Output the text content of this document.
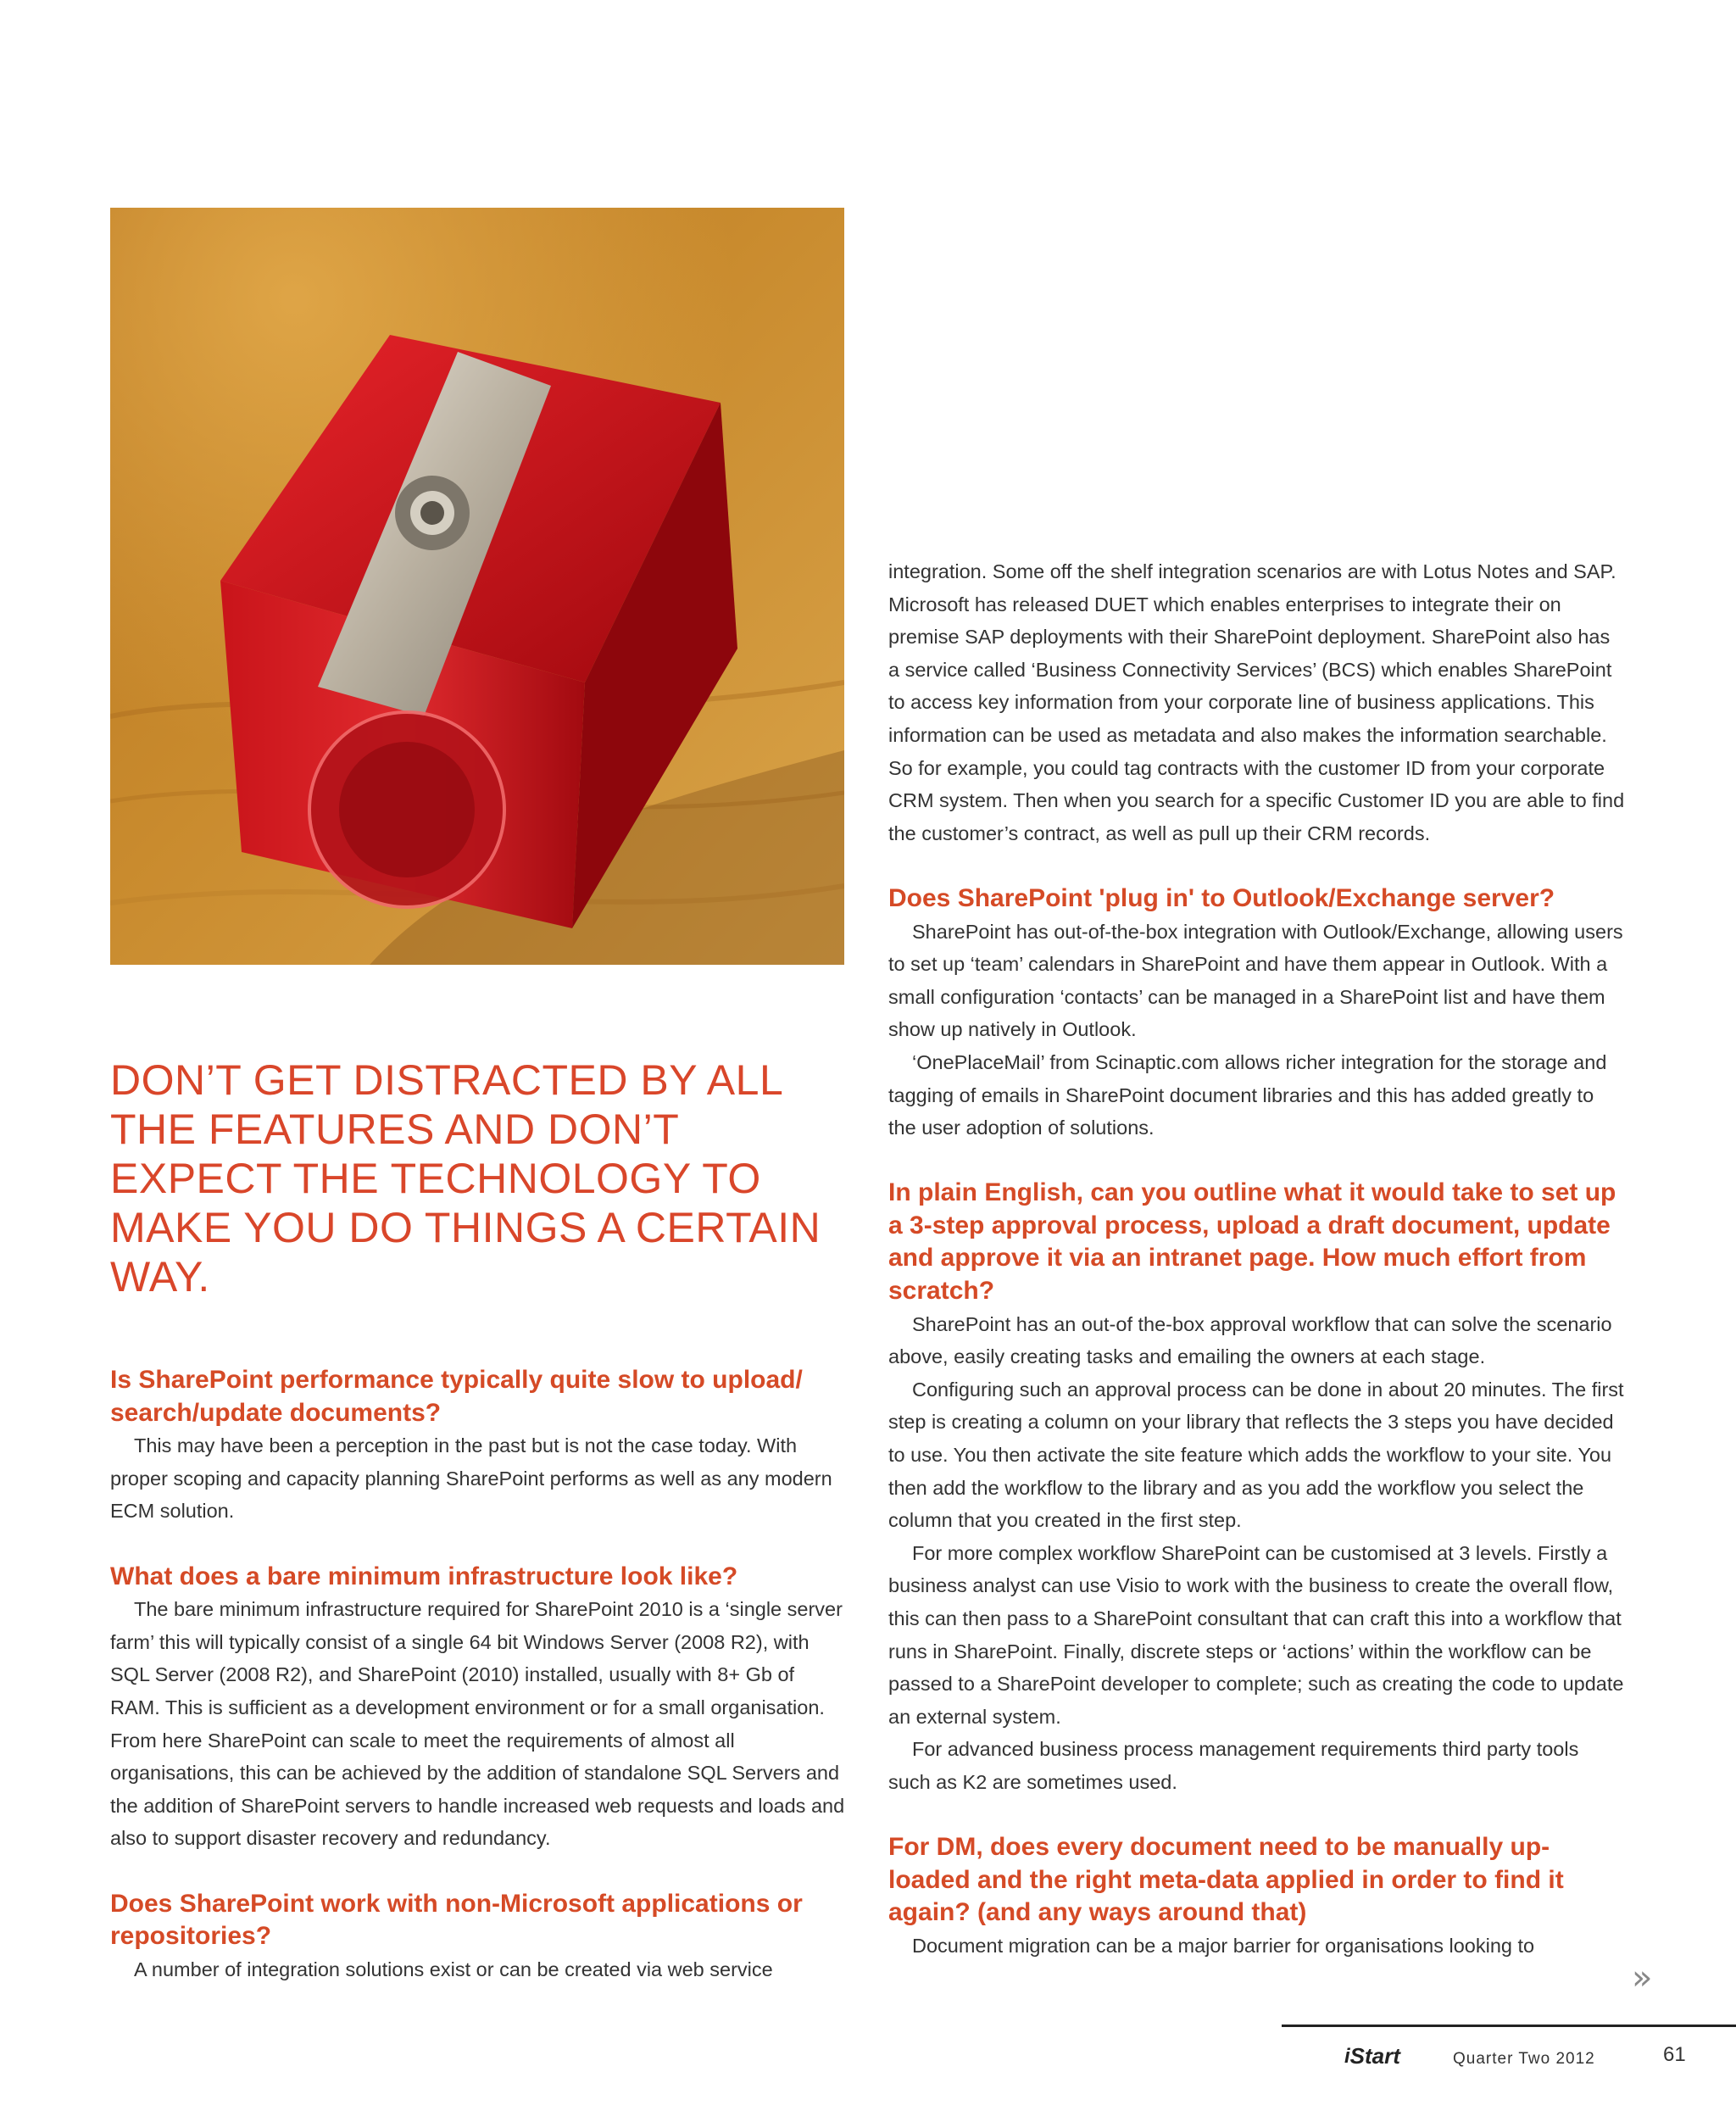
DON’T GET DISTRACTED BY ALL THE FEATURES AND DON’T EXPECT THE TECHNOLOGY TO MAKE YOU DO THINGS A CERTAIN WAY.
Is SharePoint performance typically quite slow to upload/ search/update documents?

This may have been a perception in the past but is not the case today. With proper scoping and capacity planning SharePoint performs as well as any modern ECM solution.

What does a bare minimum infrastructure look like?

The bare minimum infrastructure required for SharePoint 2010 is a ‘single server farm’ this will typically consist of a single 64 bit Windows Server (2008 R2), with SQL Server (2008 R2), and SharePoint (2010) installed, usually with 8+ Gb of RAM. This is sufficient as a development environment or for a small organisation. From here SharePoint can scale to meet the requirements of almost all organisations, this can be achieved by the addition of standalone SQL Servers and the addition of SharePoint servers to handle increased web requests and loads and also to support disaster recovery and redundancy.

Does SharePoint work with non-Microsoft applications or repositories?

A number of integration solutions exist or can be created via web service

integration. Some off the shelf integration scenarios are with Lotus Notes and SAP. Microsoft has released DUET which enables enterprises to integrate their on premise SAP deployments with their SharePoint deployment. SharePoint also has a service called ‘Business Connectivity Services’ (BCS) which enables SharePoint to access key information from your corporate line of business applications. This information can be used as metadata and also makes the information searchable. So for example, you could tag contracts with the customer ID from your corporate CRM system. Then when you search for a specific Customer ID you are able to find the customer’s contract, as well as pull up their CRM records.

Does SharePoint 'plug in' to Outlook/Exchange server?

SharePoint has out-of-the-box integration with Outlook/Exchange, allowing users to set up ‘team’ calendars in SharePoint and have them appear in Outlook. With a small configuration ‘contacts’ can be managed in a SharePoint list and have them show up natively in Outlook.

‘OnePlaceMail’ from Scinaptic.com allows richer integration for the storage and tagging of emails in SharePoint document libraries and this has added greatly to the user adoption of solutions.

In plain English, can you outline what it would take to set up a 3-step approval process, upload a draft document, update and approve it via an intranet page. How much effort from scratch?

SharePoint has an out-of the-box approval workflow that can solve the scenario above, easily creating tasks and emailing the owners at each stage.

Configuring such an approval process can be done in about 20 minutes. The first step is creating a column on your library that reflects the 3 steps you have decided to use. You then activate the site feature which adds the workflow to your site. You then add the workflow to the library and as you add the workflow you select the column that you created in the first step.

For more complex workflow SharePoint can be customised at 3 levels. Firstly a business analyst can use Visio to work with the business to create the overall flow, this can then pass to a SharePoint consultant that can craft this into a workflow that runs in SharePoint. Finally, discrete steps or ‘actions’ within the workflow can be passed to a SharePoint developer to complete; such as creating the code to update an external system.

For advanced business process management requirements third party tools such as K2 are sometimes used.

For DM, does every document need to be manually up-loaded and the right meta-data applied in order to find it again? (and any ways around that)

Document migration can be a major barrier for organisations looking to

»
i Start	Quarter Two 2012	61
